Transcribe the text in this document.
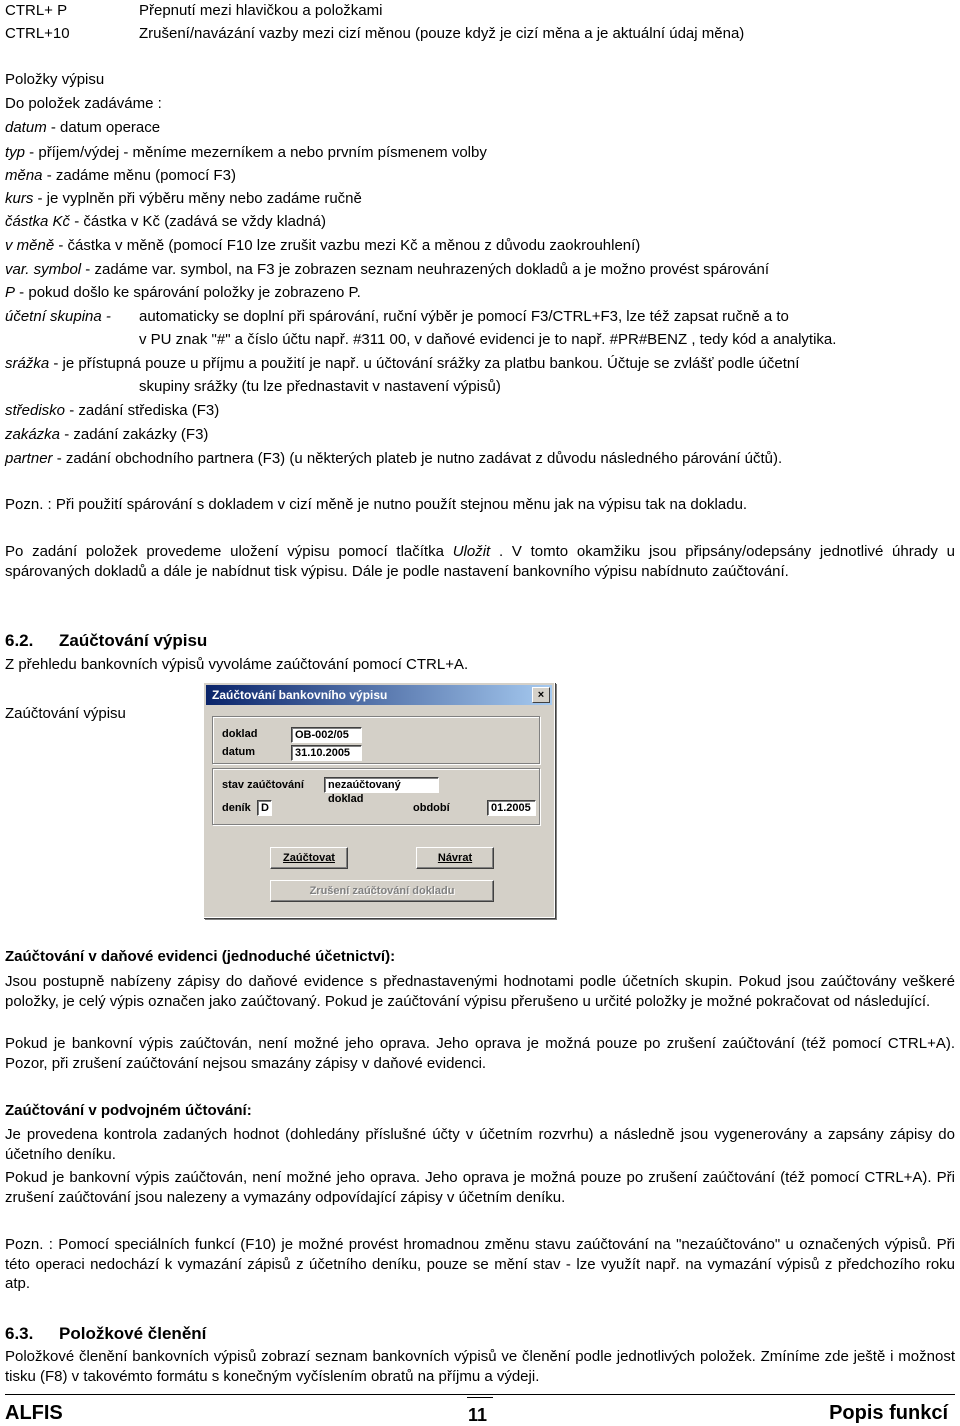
CTRL+ P	Přepnutí mezi hlavičkou a položkami
CTRL+10	Zrušení/navázání vazby mezi cizí měnou (pouze když je cizí měna a je aktuální údaj měna)
Položky výpisu
Do položek zadáváme :
datum - datum operace
typ - příjem/výdej - měníme mezerníkem a nebo prvním písmenem volby
měna - zadáme měnu (pomocí F3)
kurs - je vyplněn při výběru měny nebo zadáme ručně
částka Kč - částka v Kč (zadává se vždy kladná)
v měně - částka v měně (pomocí F10 lze zrušit vazbu mezi Kč a měnou z důvodu zaokrouhlení)
var. symbol - zadáme var. symbol, na F3 je zobrazen seznam neuhrazených dokladů a je možno provést spárování
P - pokud došlo ke spárování položky je zobrazeno P.
účetní skupina - automaticky se doplní při spárování, ruční výběr je pomocí F3/CTRL+F3, lze též zapsat ručně a to
v PU znak "#" a číslo účtu např. #311 00, v daňové evidenci je to např. #PR#BENZ , tedy kód a analytika.
srážka - je přístupná pouze u příjmu a použití je např. u účtování srážky za platbu bankou. Účtuje se zvlášť podle účetní
skupiny srážky (tu lze přednastavit v nastavení výpisů)
středisko - zadání střediska (F3)
zakázka - zadání zakázky (F3)
partner - zadání obchodního partnera (F3) (u některých plateb je nutno zadávat z důvodu následného párování účtů).
Pozn. : Při použití spárování s dokladem v cizí měně je nutno použít stejnou měnu jak na výpisu tak na dokladu.
Po zadání položek provedeme uložení výpisu pomocí tlačítka Uložit . V tomto okamžiku jsou připsány/odepsány jednotlivé úhrady u spárovaných dokladů a dále je nabídnut tisk výpisu. Dále je podle nastavení bankovního výpisu nabídnuto zaúčtování.
6.2. Zaúčtování výpisu
Z přehledu bankovních výpisů vyvoláme zaúčtování pomocí CTRL+A.
Zaúčtování výpisu
Zaúčtování bankovního výpisu	×
doklad	OB-002/05
datum	31.10.2005
stav zaúčtování	nezaúčtovaný doklad
deník D	období	01.2005
Zaúčtovat	Návrat
Zrušení zaúčtování dokladu
Zaúčtování v daňové evidenci (jednoduché účetnictví):
Jsou postupně nabízeny zápisy do daňové evidence s přednastavenými hodnotami podle účetních skupin. Pokud jsou zaúčtovány veškeré položky, je celý výpis označen jako zaúčtovaný. Pokud je zaúčtování výpisu přerušeno u určité položky je možné pokračovat od následující.
Pokud je bankovní výpis zaúčtován, není možné jeho oprava. Jeho oprava je možná pouze po zrušení zaúčtování (též pomocí CTRL+A). Pozor, při zrušení zaúčtování nejsou smazány zápisy v daňové evidenci.
Zaúčtování v podvojném účtování:
Je provedena kontrola zadaných hodnot (dohledány příslušné účty v účetním rozvrhu) a následně jsou vygenerovány a zapsány zápisy do účetního deníku.
Pokud je bankovní výpis zaúčtován, není možné jeho oprava. Jeho oprava je možná pouze po zrušení zaúčtování (též pomocí CTRL+A). Při zrušení zaúčtování jsou nalezeny a vymazány odpovídající zápisy v účetním deníku.
Pozn. : Pomocí speciálních funkcí (F10) je možné provést hromadnou změnu stavu zaúčtování na "nezaúčtováno" u označených výpisů. Při této operaci nedochází k vymazání zápisů z účetního deníku, pouze se mění stav - lze využít např. na vymazání výpisů z předchozího roku atp.
6.3. Položkové členění
Položkové členění bankovních výpisů zobrazí seznam bankovních výpisů ve členění podle jednotlivých položek. Zmíníme zde ještě i možnost tisku (F8) v takovémto formátu s konečným vyčíslením obratů na příjmu a výdeji.
ALFIS	11	Popis funkcí
